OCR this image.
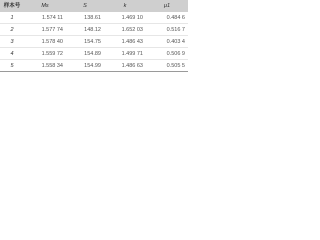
样本号	Ms	S	k	μ1
1	1.574 11	138.61	1.469 10	0.484 6
2	1.577 74	148.12	1.652 03	0.516 7
3	1.578 40	154.75	1.486 43	0.403 4
4	1.559 72	154.89	1.499 71	0.506 9
5	1.558 34	154.99	1.486 63	0.505 5
